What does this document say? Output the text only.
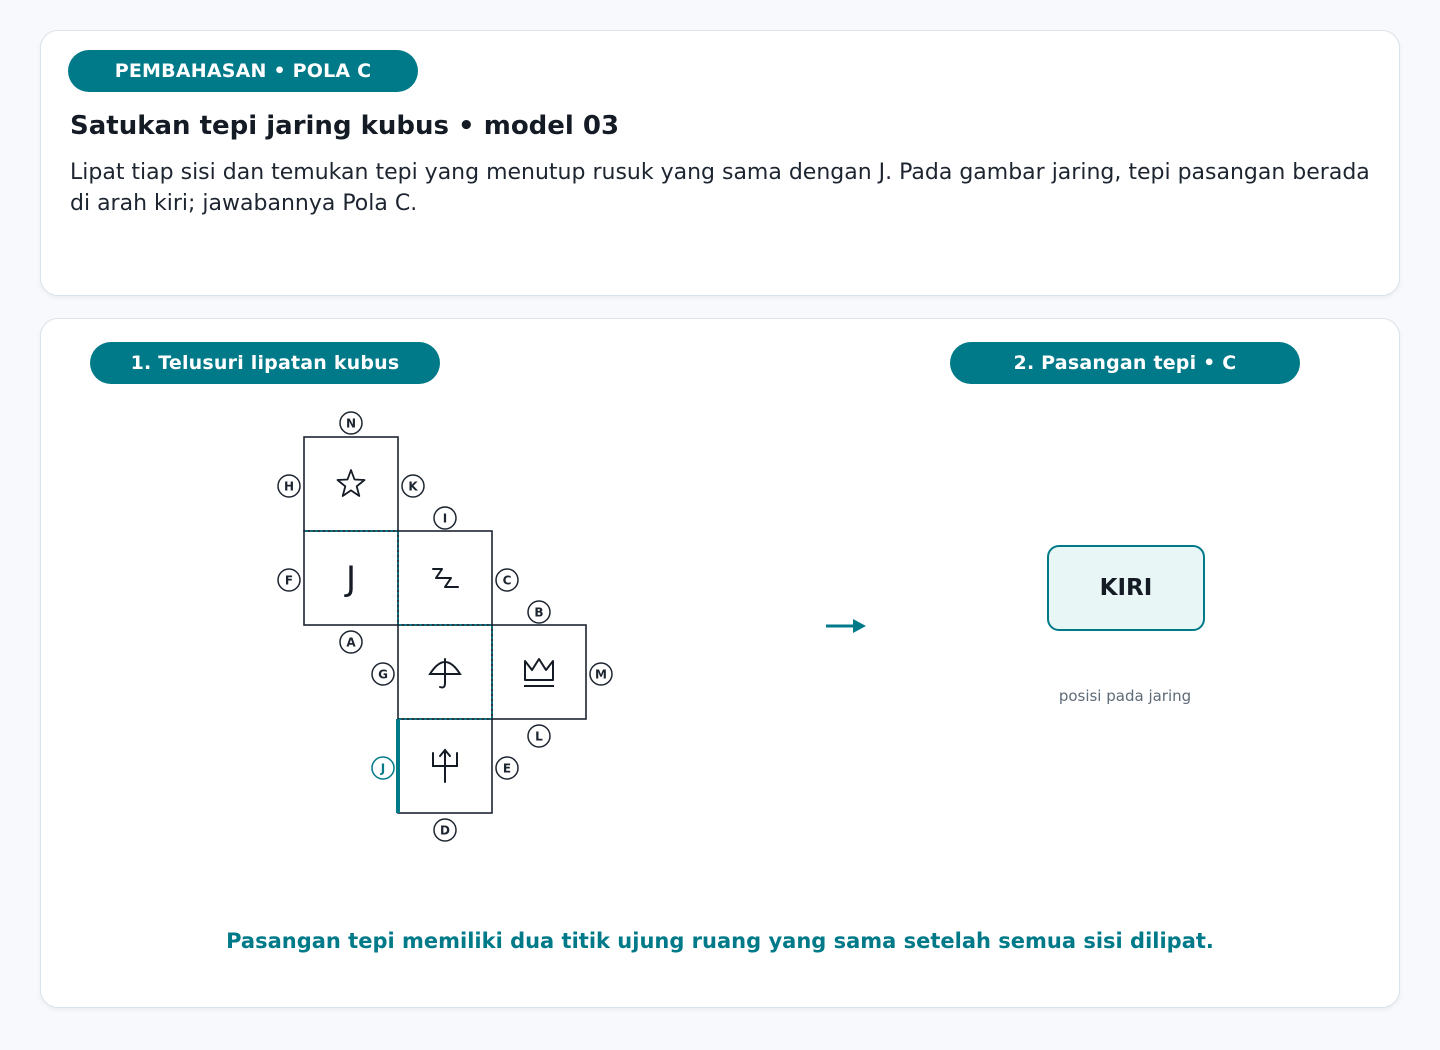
PEMBAHASAN • POLA C
Satukan tepi jaring kubus • model 03
Lipat tiap sisi dan temukan tepi yang menutup rusuk yang sama dengan J. Pada gambar jaring, tepi pasangan berada di arah kiri; jawabannya Pola C.
1. Telusuri lipatan kubus	2. Pasangan tepi • C
J
N
H	K
I
F	C
B
A
G	M
L
J	E
D
KIRI
posisi pada jaring
Pasangan tepi memiliki dua titik ujung ruang yang sama setelah semua sisi dilipat.
